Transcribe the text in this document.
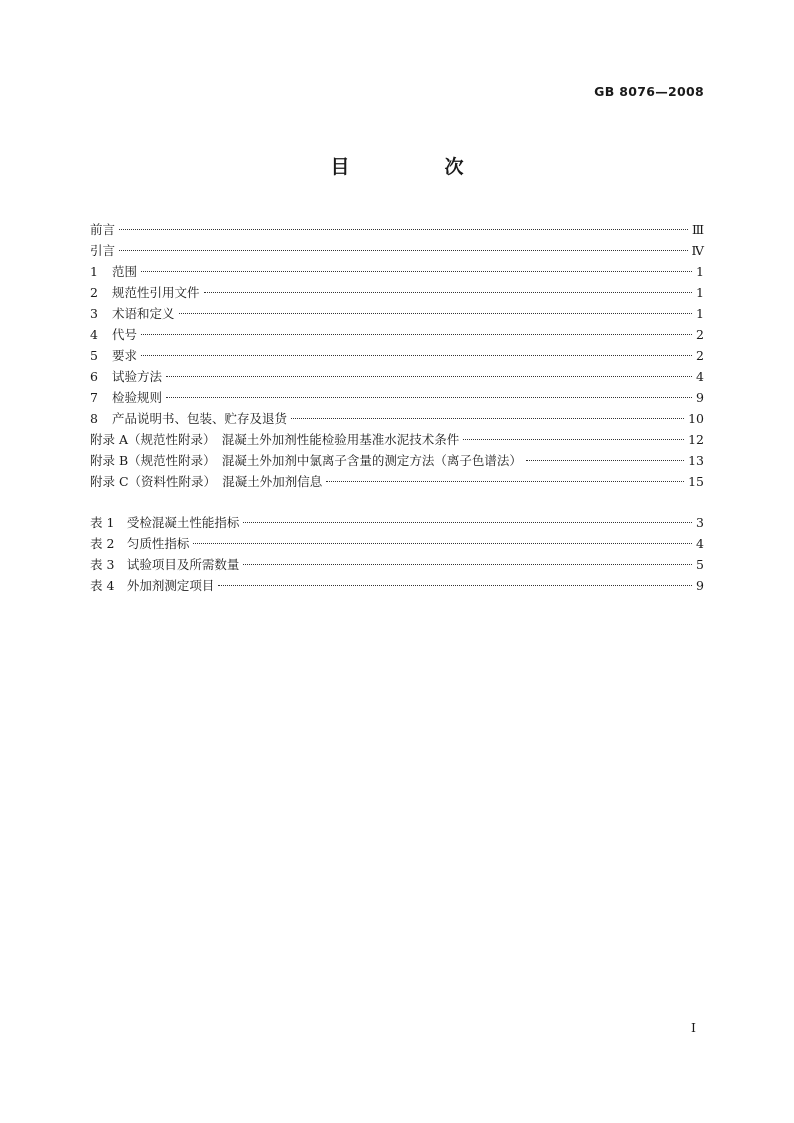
GB 8076—2008
目　次
前言	Ⅲ
引言	Ⅳ
1	范围	1
2	规范性引用文件	1
3	术语和定义	1
4	代号	2
5	要求	2
6	试验方法	4
7	检验规则	9
8	产品说明书、包装、贮存及退货	10
附录 A（规范性附录）　混凝土外加剂性能检验用基准水泥技术条件	12
附录 B（规范性附录）　混凝土外加剂中氯离子含量的测定方法（离子色谱法）	13
附录 C（资料性附录）　混凝土外加剂信息	15
表 1　受检混凝土性能指标	3
表 2　匀质性指标	4
表 3　试验项目及所需数量	5
表 4　外加剂测定项目	9
Ⅰ
